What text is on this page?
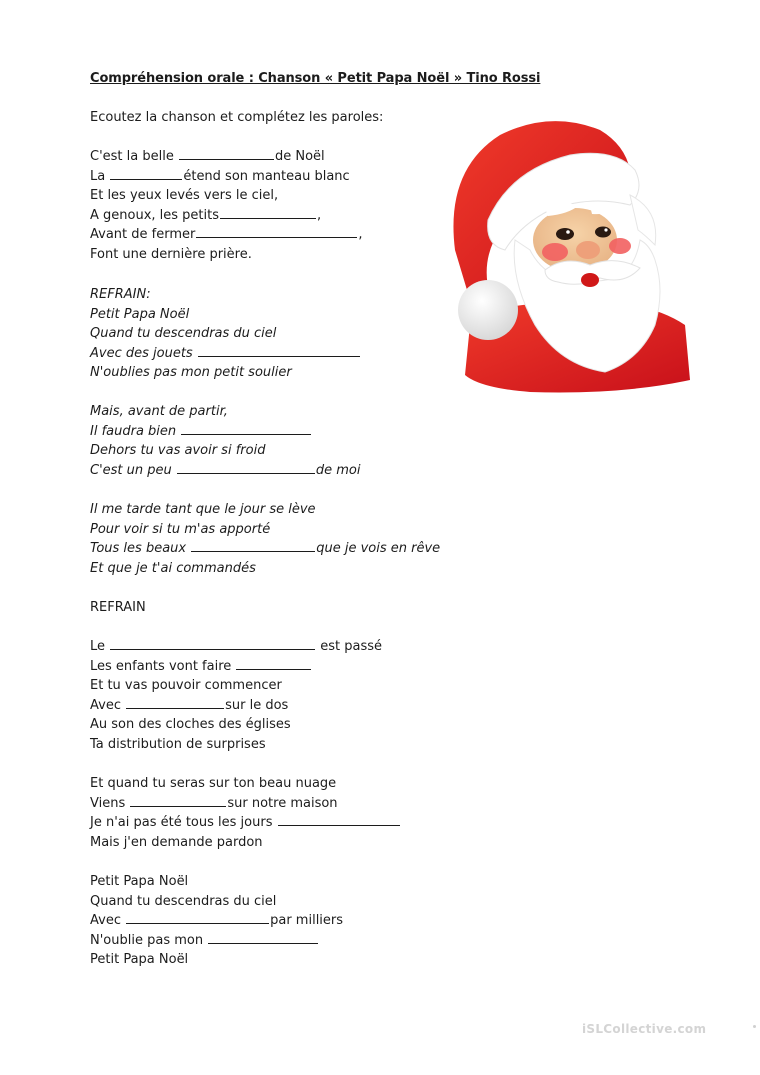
Compréhension orale : Chanson « Petit Papa Noël » Tino Rossi
Ecoutez la chanson et complétez les paroles:
C'est la belle	de Noël
La	étend son manteau blanc
Et les yeux levés vers le ciel,
A genoux, les petits	,
Avant de fermer	,
Font une dernière prière.
REFRAIN:
Petit Papa Noël
Quand tu descendras du ciel
Avec des jouets
N'oublies pas mon petit soulier
Mais, avant de partir,
Il faudra bien
Dehors tu vas avoir si froid
C'est un peu	de moi
Il me tarde tant que le jour se lève
Pour voir si tu m'as apporté
Tous les beaux	que je vois en rêve
Et que je t'ai commandés
REFRAIN
Le	est passé
Les enfants vont faire
Et tu vas pouvoir commencer
Avec	sur le dos
Au son des cloches des églises
Ta distribution de surprises
Et quand tu seras sur ton beau nuage
Viens	sur notre maison
Je n'ai pas été tous les jours
Mais j'en demande pardon
Petit Papa Noël
Quand tu descendras du ciel
Avec	par milliers
N'oublie pas mon
Petit Papa Noël
iSLCollective.com
